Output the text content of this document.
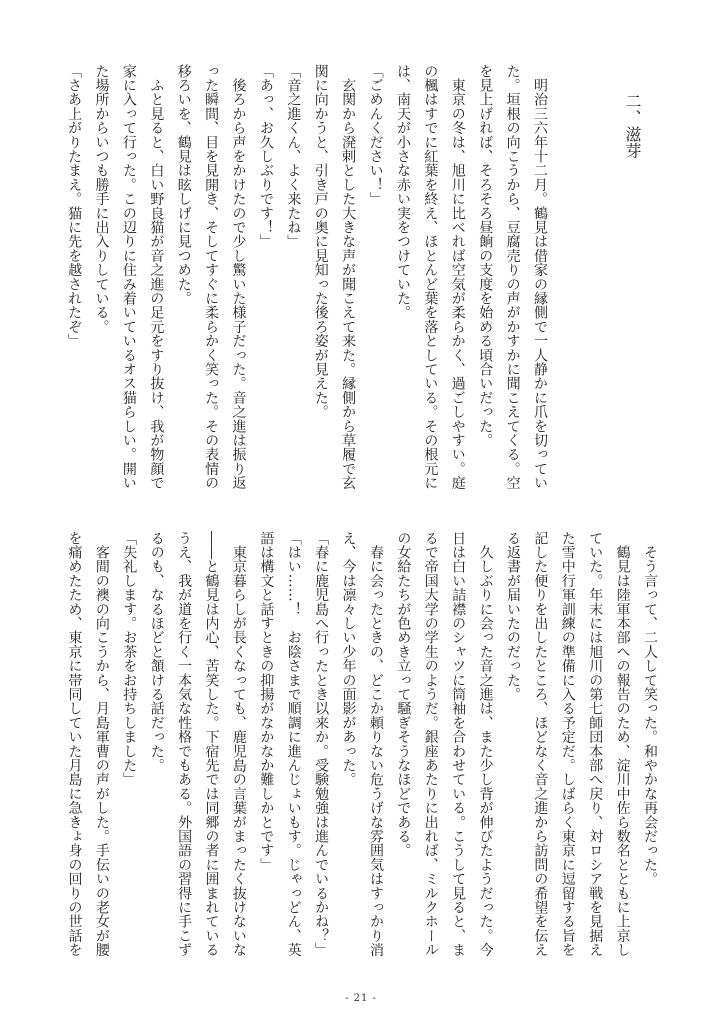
二、滋芽
　明治三六年十二月。鶴見は借家の縁側で一人静かに爪を切ってい
た。垣根の向こうから、豆腐売りの声がかすかに聞こえてくる。空
を見上げれば、そろそろ昼餉の支度を始める頃合いだった。
　東京の冬は、旭川に比べれば空気が柔らかく、過ごしやすい。庭
の楓はすでに紅葉を終え、ほとんど葉を落としている。その根元に
は、南天が小さな赤い実をつけていた。
「ごめんください！」
　玄関から溌剌とした大きな声が聞こえて来た。縁側から草履で玄
関に向かうと、引き戸の奥に見知った後ろ姿が見えた。
「音之進くん、よく来たね」
「あっ、お久しぶりです！」
　後ろから声をかけたので少し驚いた様子だった。音之進は振り返
った瞬間、目を見開き、そしてすぐに柔らかく笑った。その表情の
移ろいを、鶴見は眩しげに見つめた。
　ふと見ると、白い野良猫が音之進の足元をすり抜け、我が物顔で
家に入って行った。この辺りに住み着いているオス猫らしい。開い
た場所からいつも勝手に出入りしている。
「さあ上がりたまえ。猫に先を越されたぞ」
　そう言って、二人して笑った。和やかな再会だった。
　鶴見は陸軍本部への報告のため、淀川中佐ら数名とともに上京し
ていた。年末には旭川の第七師団本部へ戻り、対ロシア戦を見据え
た雪中行軍訓練の準備に入る予定だ。しばらく東京に逗留する旨を
記した便りを出したところ、ほどなく音之進から訪問の希望を伝え
る返書が届いたのだった。
　久しぶりに会った音之進は、また少し背が伸びたようだった。今
日は白い詰襟のシャツに筒袖を合わせている。こうして見ると、ま
るで帝国大学の学生のようだ。銀座あたりに出れば、ミルクホール
の女給たちが色めき立って騒ぎそうなほどである。
　春に会ったときの、どこか頼りない危うげな雰囲気はすっかり消
え、今は凛々しい少年の面影があった。
「春に鹿児島へ行ったとき以来か。受験勉強は進んでいるかね？」
「はい……！　お陰さまで順調に進んじょいもす。じゃっどん、英
語は構文と話すときの抑揚がなかなか難しかとです」
　東京暮らしが長くなっても、鹿児島の言葉がまったく抜けないな
――と鶴見は内心、苦笑した。下宿先では同郷の者に囲まれている
うえ、我が道を行く一本気な性格でもある。外国語の習得に手こず
るのも、なるほどと頷ける話だった。
「失礼します。お茶をお持ちしました」
　客間の襖の向こうから、月島軍曹の声がした。手伝いの老女が腰
を痛めたため、東京に帯同していた月島に急きょ身の回りの世話を
- 21 -
